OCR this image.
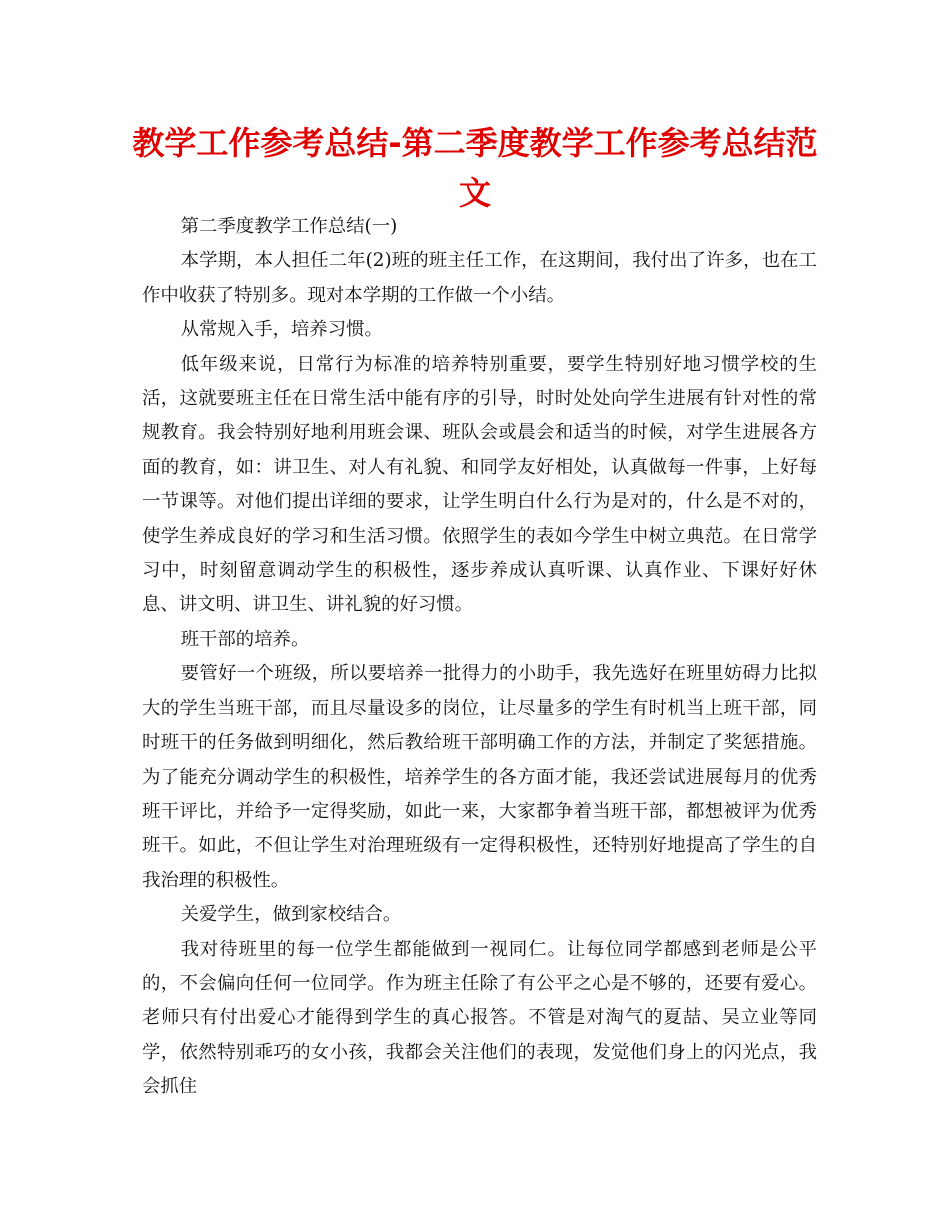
教学工作参考总结-第二季度教学工作参考总结范文

第二季度教学工作总结(一)

本学期，本人担任二年(2)班的班主任工作，在这期间，我付出了许多，也在工作中收获了特别多。现对本学期的工作做一个小结。

从常规入手，培养习惯。

低年级来说，日常行为标准的培养特别重要，要学生特别好地习惯学校的生活，这就要班主任在日常生活中能有序的引导，时时处处向学生进展有针对性的常规教育。我会特别好地利用班会课、班队会或晨会和适当的时候，对学生进展各方面的教育，如：讲卫生、对人有礼貌、和同学友好相处，认真做每一件事，上好每一节课等。对他们提出详细的要求，让学生明白什么行为是对的，什么是不对的，使学生养成良好的学习和生活习惯。依照学生的表如今学生中树立典范。在日常学习中，时刻留意调动学生的积极性，逐步养成认真听课、认真作业、下课好好休息、讲文明、讲卫生、讲礼貌的好习惯。

班干部的培养。

要管好一个班级，所以要培养一批得力的小助手，我先选好在班里妨碍力比拟大的学生当班干部，而且尽量设多的岗位，让尽量多的学生有时机当上班干部，同时班干的任务做到明细化，然后教给班干部明确工作的方法，并制定了奖惩措施。为了能充分调动学生的积极性，培养学生的各方面才能，我还尝试进展每月的优秀班干评比，并给予一定得奖励，如此一来，大家都争着当班干部，都想被评为优秀班干。如此，不但让学生对治理班级有一定得积极性，还特别好地提高了学生的自我治理的积极性。

关爱学生，做到家校结合。

我对待班里的每一位学生都能做到一视同仁。让每位同学都感到老师是公平的，不会偏向任何一位同学。作为班主任除了有公平之心是不够的，还要有爱心。老师只有付出爱心才能得到学生的真心报答。不管是对淘气的夏喆、吴立业等同学，依然特别乖巧的女小孩，我都会关注他们的表现，发觉他们身上的闪光点，我会抓住
